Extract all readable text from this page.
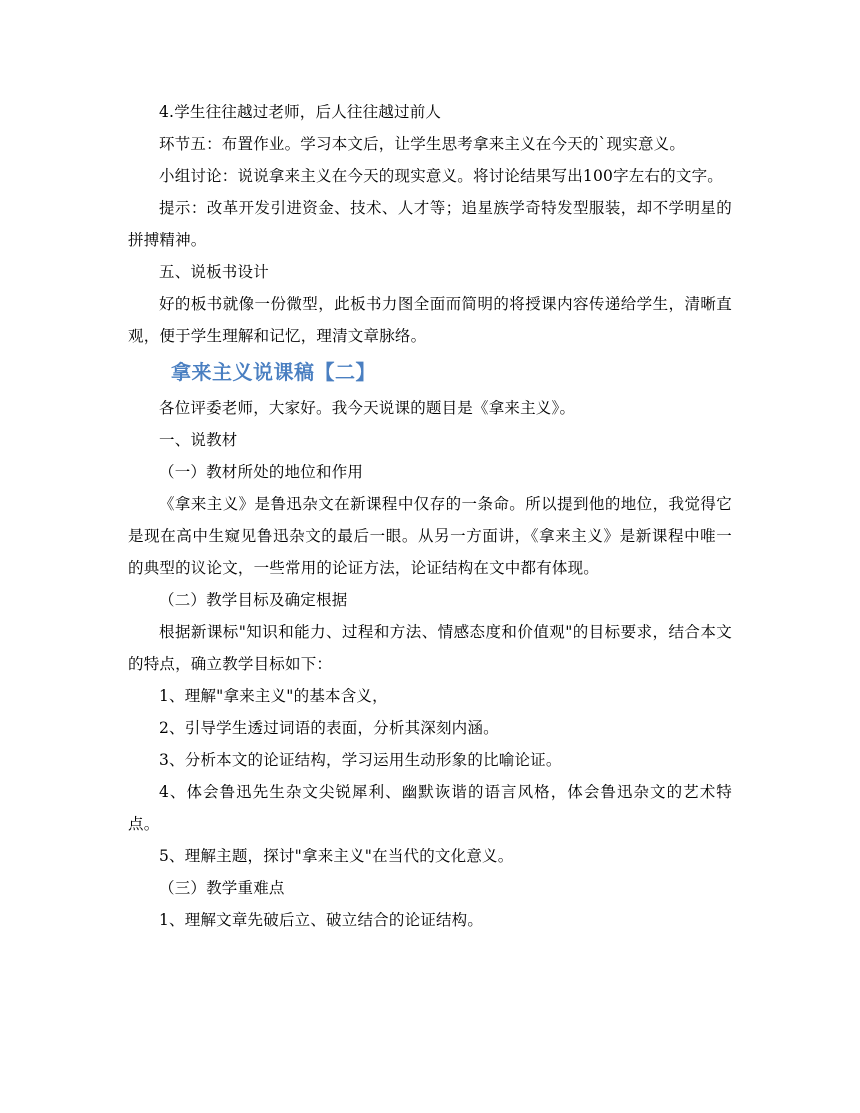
4.学生往往越过老师，后人往往越过前人

环节五：布置作业。学习本文后，让学生思考拿来主义在今天的`现实意义。

小组讨论：说说拿来主义在今天的现实意义。将讨论结果写出100字左右的文字。

提示：改革开发引进资金、技术、人才等；追星族学奇特发型服装，却不学明星的拼搏精神。

五、说板书设计

好的板书就像一份微型，此板书力图全面而简明的将授课内容传递给学生，清晰直观，便于学生理解和记忆，理清文章脉络。

拿来主义说课稿【二】

各位评委老师，大家好。我今天说课的题目是《拿来主义》。

一、说教材

（一）教材所处的地位和作用

《拿来主义》是鲁迅杂文在新课程中仅存的一条命。所以提到他的地位，我觉得它是现在高中生窥见鲁迅杂文的最后一眼。从另一方面讲，《拿来主义》是新课程中唯一的典型的议论文，一些常用的论证方法，论证结构在文中都有体现。

（二）教学目标及确定根据

根据新课标"知识和能力、过程和方法、情感态度和价值观"的目标要求，结合本文的特点，确立教学目标如下：

1、理解"拿来主义"的基本含义，

2、引导学生透过词语的表面，分析其深刻内涵。

3、分析本文的论证结构，学习运用生动形象的比喻论证。

4、体会鲁迅先生杂文尖锐犀利、幽默诙谐的语言风格，体会鲁迅杂文的艺术特点。

5、理解主题，探讨"拿来主义"在当代的文化意义。

（三）教学重难点

1、理解文章先破后立、破立结合的论证结构。
